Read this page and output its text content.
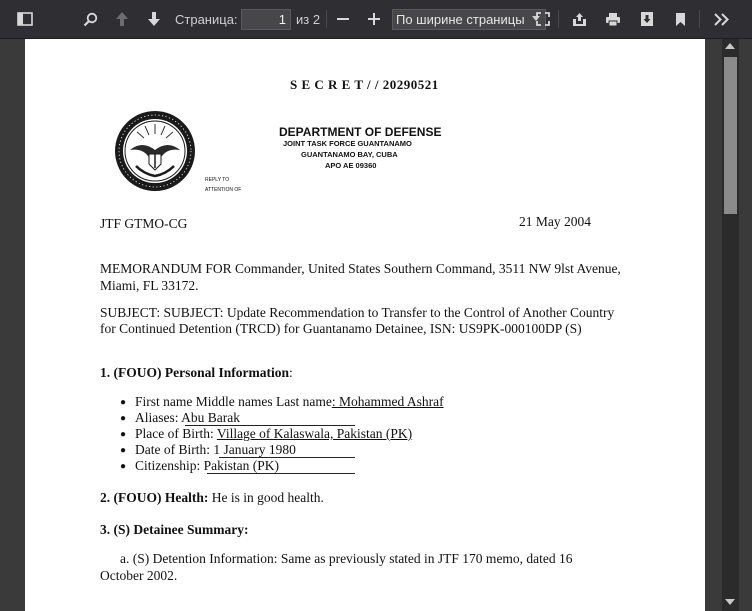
Страница:	1 из 2	По ширине страницы
S E C R E T / / 20290521
DEPARTMENT OF DEFENSE
JOINT TASK FORCE GUANTANAMO
GUANTANAMO BAY, CUBA
APO AE 09360
REPLY TO
ATTENTION OF
JTF GTMO-CG	21 May 2004
MEMORANDUM FOR Commander, United States Southern Command, 3511 NW 9lst Avenue,
Miami, FL 33172.
SUBJECT: SUBJECT: Update Recommendation to Transfer to the Control of Another Country
for Continued Detention (TRCD) for Guantanamo Detainee, ISN: US9PK-000100DP (S)
1. (FOUO) Personal Information:
● First name Middle names Last name: Mohammed Ashraf
● Aliases: Abu Barak
● Place of Birth: Village of Kalaswala, Pakistan (PK)
● Date of Birth: 1 January 1980
● Citizenship: Pakistan (PK)
2. (FOUO) Health: He is in good health.
3. (S) Detainee Summary:
a. (S) Detention Information: Same as previously stated in JTF 170 memo, dated 16
October 2002.
